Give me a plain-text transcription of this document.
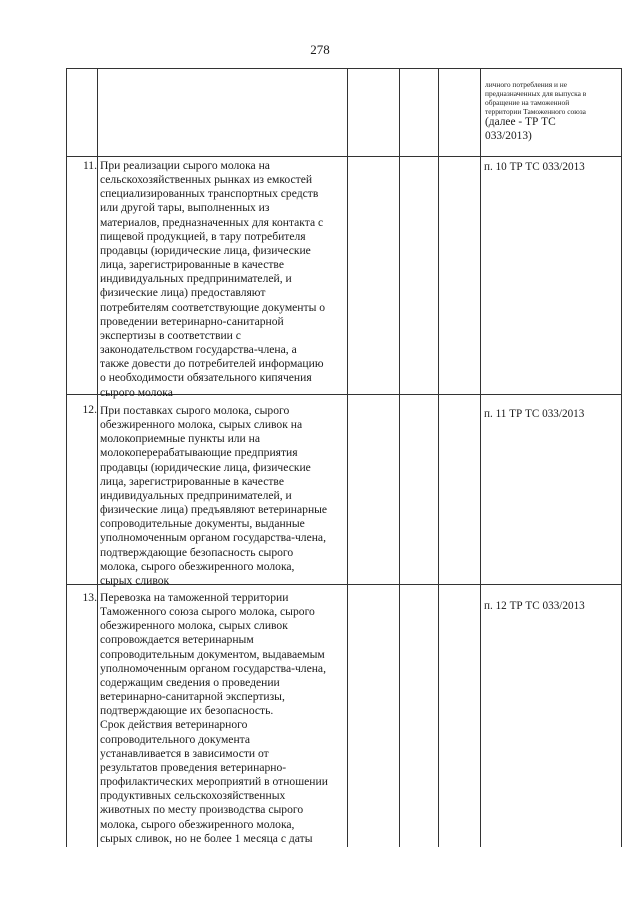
278
личного потребления и не
предназначенных для выпуска в
обращение на таможенной
территории Таможенного союза
(далее - ТР ТС
033/2013)
11. При реализации сырого молока на
сельскохозяйственных рынках из емкостей
специализированных транспортных средств
или другой тары, выполненных из
материалов, предназначенных для контакта с
пищевой продукцией, в тару потребителя
продавцы (юридические лица, физические
лица, зарегистрированные в качестве
индивидуальных предпринимателей, и
физические лица) предоставляют
потребителям соответствующие документы о
проведении ветеринарно-санитарной
экспертизы в соответствии с
законодательством государства-члена, а
также довести до потребителей информацию
о необходимости обязательного кипячения
сырого молока
п. 10 ТР ТС 033/2013
12. При поставках сырого молока, сырого
обезжиренного молока, сырых сливок на
молокоприемные пункты или на
молокоперерабатывающие предприятия
продавцы (юридические лица, физические
лица, зарегистрированные в качестве
индивидуальных предпринимателей, и
физические лица) предъявляют ветеринарные
сопроводительные документы, выданные
уполномоченным органом государства-члена,
подтверждающие безопасность сырого
молока, сырого обезжиренного молока,
сырых сливок
п. 11 ТР ТС 033/2013
13. Перевозка на таможенной территории
Таможенного союза сырого молока, сырого
обезжиренного молока, сырых сливок
сопровождается ветеринарным
сопроводительным документом, выдаваемым
уполномоченным органом государства-члена,
содержащим сведения о проведении
ветеринарно-санитарной экспертизы,
подтверждающие их безопасность.
Срок действия ветеринарного
сопроводительного документа
устанавливается в зависимости от
результатов проведения ветеринарно-
профилактических мероприятий в отношении
продуктивных сельскохозяйственных
животных по месту производства сырого
молока, сырого обезжиренного молока,
сырых сливок, но не более 1 месяца с даты
п. 12 ТР ТС 033/2013
